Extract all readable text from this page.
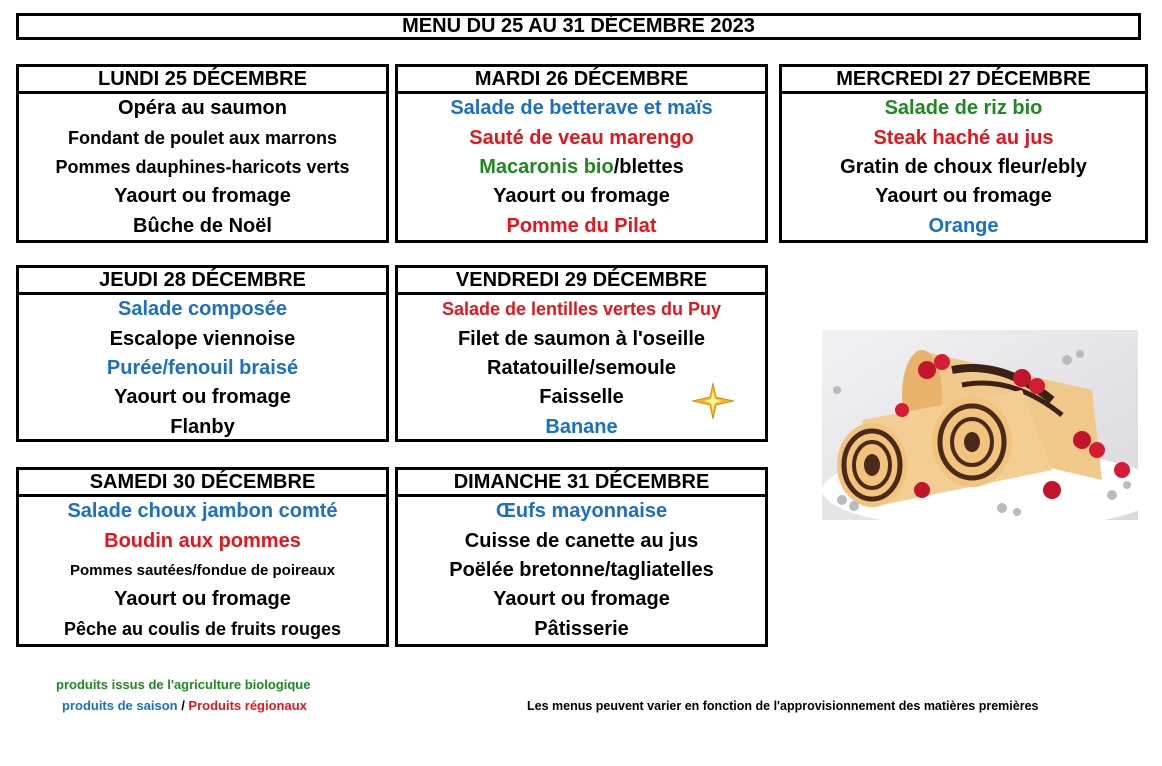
MENU DU 25 AU 31 DÉCEMBRE 2023
LUNDI 25 DÉCEMBRE
Opéra au saumon
Fondant de poulet aux marrons
Pommes dauphines-haricots verts
Yaourt ou fromage
Bûche de Noël
MARDI 26 DÉCEMBRE
Salade de betterave et maïs
Sauté de veau marengo
Macaronis bio /blettes
Yaourt ou fromage
Pomme du Pilat
MERCREDI 27 DÉCEMBRE
Salade de riz bio
Steak haché au jus
Gratin de choux fleur/ebly
Yaourt ou fromage
Orange
JEUDI 28 DÉCEMBRE
Salade composée
Escalope viennoise
Purée/fenouil braisé
Yaourt ou fromage
Flanby
VENDREDI 29 DÉCEMBRE
Salade de lentilles vertes du Puy
Filet de saumon à l'oseille
Ratatouille/semoule
Faisselle
Banane
SAMEDI 30 DÉCEMBRE
Salade choux jambon comté
Boudin aux pommes
Pommes sautées/fondue de poireaux
Yaourt ou fromage
Pêche au coulis de fruits rouges
DIMANCHE 31 DÉCEMBRE
Œufs mayonnaise
Cuisse de canette au jus
Poëlée bretonne/tagliatelles
Yaourt ou fromage
Pâtisserie
produits issus de l'agriculture biologique
produits de saison / Produits régionaux	Les menus peuvent varier en fonction de l'approvisionnement des matières premières
